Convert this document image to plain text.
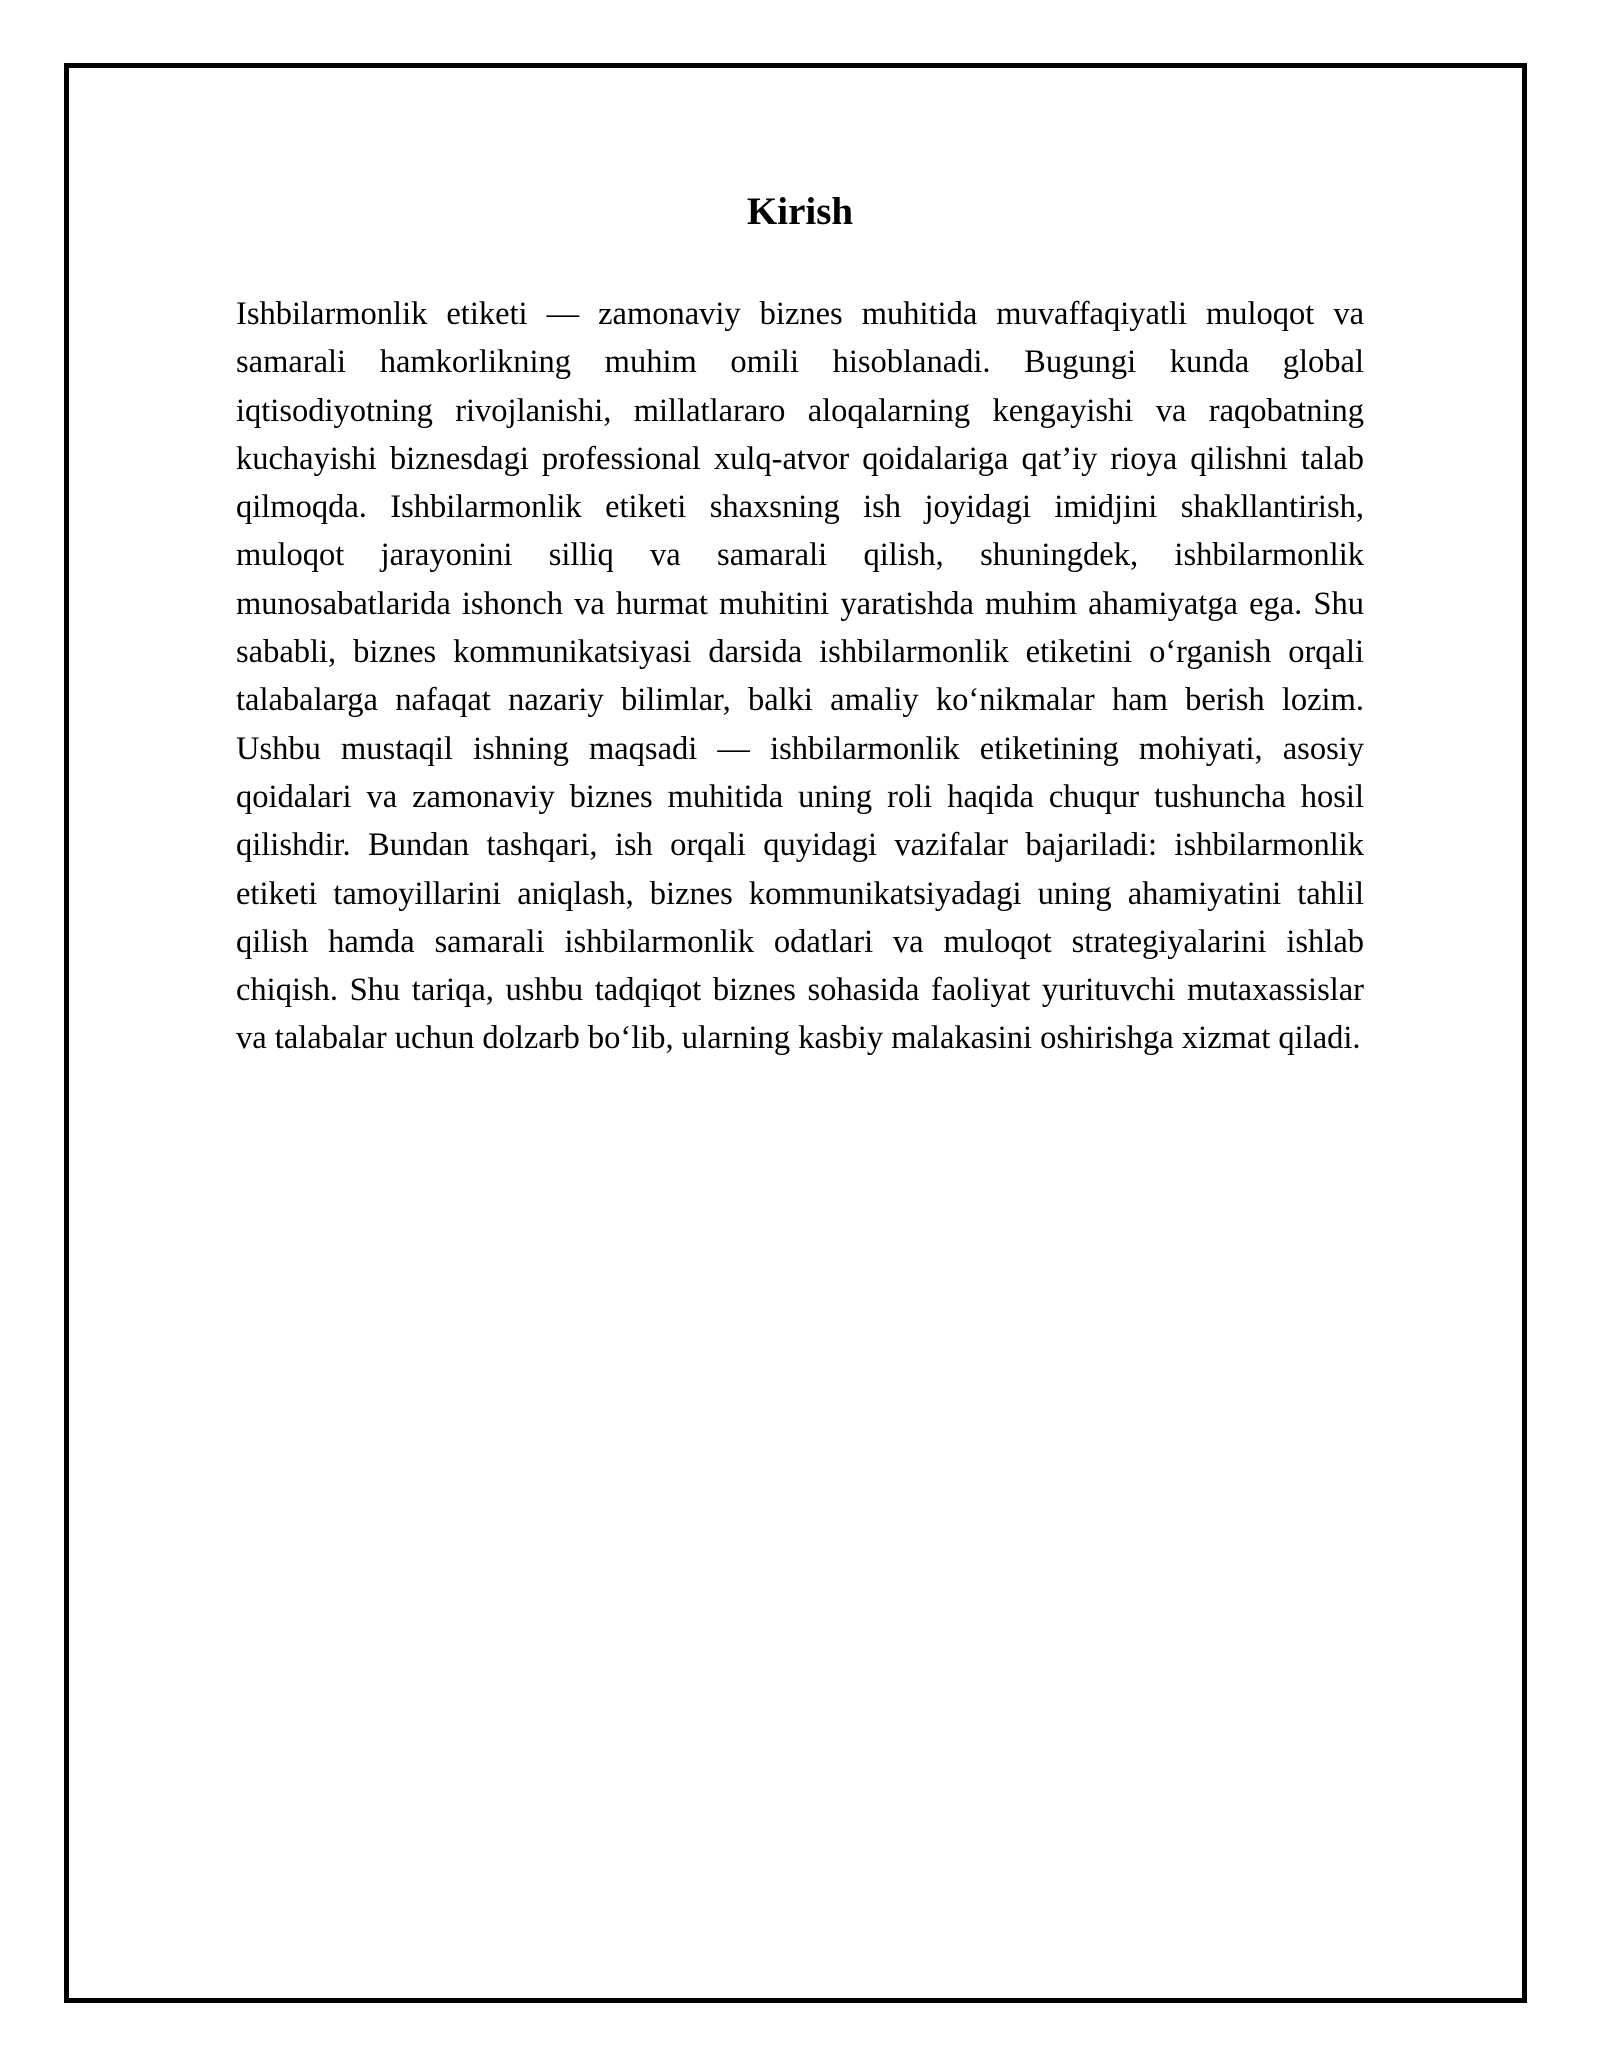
Kirish

Ishbilarmonlik etiketi — zamonaviy biznes muhitida muvaffaqiyatli muloqot va samarali hamkorlikning muhim omili hisoblanadi. Bugungi kunda global iqtisodiyotning rivojlanishi, millatlararo aloqalarning kengayishi va raqobatning kuchayishi biznesdagi professional xulq-atvor qoidalariga qat’iy rioya qilishni talab qilmoqda. Ishbilarmonlik etiketi shaxsning ish joyidagi imidjini shakllantirish, muloqot jarayonini silliq va samarali qilish, shuningdek, ishbilarmonlik munosabatlarida ishonch va hurmat muhitini yaratishda muhim ahamiyatga ega. Shu sababli, biznes kommunikatsiyasi darsida ishbilarmonlik etiketini o‘rganish orqali talabalarga nafaqat nazariy bilimlar, balki amaliy ko‘nikmalar ham berish lozim. Ushbu mustaqil ishning maqsadi — ishbilarmonlik etiketining mohiyati, asosiy qoidalari va zamonaviy biznes muhitida uning roli haqida chuqur tushuncha hosil qilishdir. Bundan tashqari, ish orqali quyidagi vazifalar bajariladi: ishbilarmonlik etiketi tamoyillarini aniqlash, biznes kommunikatsiyadagi uning ahamiyatini tahlil qilish hamda samarali ishbilarmonlik odatlari va muloqot strategiyalarini ishlab chiqish. Shu tariqa, ushbu tadqiqot biznes sohasida faoliyat yurituvchi mutaxassislar va talabalar uchun dolzarb bo‘lib, ularning kasbiy malakasini oshirishga xizmat qiladi.
